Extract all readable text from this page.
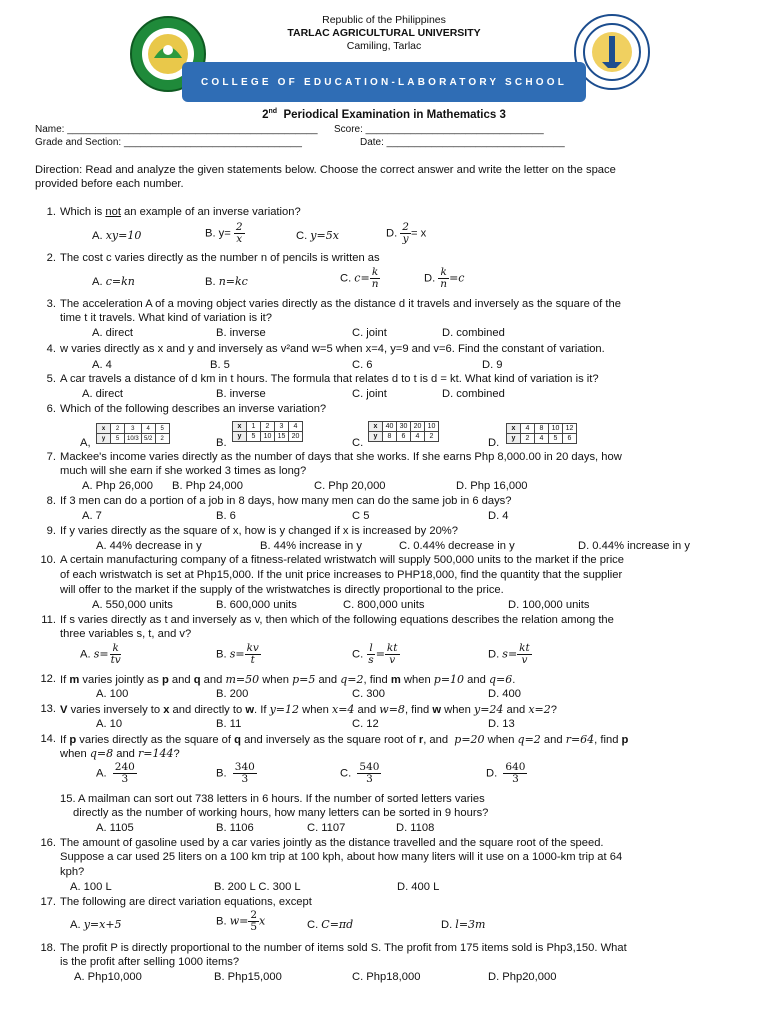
Republic of the Philippines
TARLAC AGRICULTURAL UNIVERSITY
Camiling, Tarlac
COLLEGE OF EDUCATION-LABORATORY SCHOOL
2nd Periodical Examination in Mathematics 3
Name: _____________________________________________ Score: ________________________________
Grade and Section: ________________________________	Date: ________________________________
Direction: Read and analyze the given statements below. Choose the correct answer and write the letter on the space
provided before each number.
1. Which is not an example of an inverse variation?
A. xy=10	B. $y= \frac{2}{x}$	C. y=5x	D. $\frac{2}{y} = x$
2. The cost c varies directly as the number n of pencils is written as
A. c=kn	B. n=kc	C. $c= \frac{k}{n}$	D. $\frac{k}{n} =c$
3. The acceleration A of a moving object varies directly as the distance d it travels and inversely as the square of the
time t it travels. What kind of variation is it?
A. direct	B. inverse	C. joint	D. combined
4. w varies directly as x and y and inversely as v²and w=5 when x=4, y=9 and v=6. Find the constant of variation.
A. 4	B. 5	C. 6	D. 9
5. A car travels a distance of d km in t hours. The formula that relates d to t is d = kt. What kind of variation is it?
A. direct	B. inverse	C. joint	D. combined
6. Which of the following describes an inverse variation?
A,
x	2	3	4	5
y	5	10/3	5/2	2	B.
x	1	2	3	4
y	5	10	15	20
C.
x	40	30	20	10
y	8	6	4	2
D.
x	4	8	10	12
y	2	4	5	6
7. Mackee's income varies directly as the number of days that she works. If she earns Php 8,000.00 in 20 days, how
much will she earn if she worked 3 times as long?
A. Php 26,000 B. Php 24,000	C. Php 20,000	D. Php 16,000
8. If 3 men can do a portion of a job in 8 days, how many men can do the same job in 6 days?
A. 7	B. 6	C 5	D. 4
9. If y varies directly as the square of x, how is y changed if x is increased by 20%?
A. 44% decrease in y	B. 44% increase in y	C. 0.44% decrease in y	D. 0.44% increase in y
10. A certain manufacturing company of a fitness-related wristwatch will supply 500,000 units to the market if the price
of each wristwatch is set at Php15,000. If the unit price increases to PHP18,000, find the quantity that the supplier
will offer to the market if the supply of the wristwatches is directly proportional to the price.
A. 550,000 units	B. 600,000 units	C. 800,000 units	D. 100,000 units
11. If s varies directly as t and inversely as v, then which of the following equations describes the relation among the
three variables s, t, and v?
A. $s= \frac{k}{tv}$	B. $s= \frac{kv}{t}$	C. $\frac{l}{s} = \frac{kt}{v}$	D. $s= \frac{kt}{v}$
12. If m varies jointly as p and q and m=50 when p=5 and q=2, find m when p=10 and q=6.
A. 100	B. 200	C. 300	D. 400
13. V varies inversely to x and directly to w. If y=12 when x=4 and w=8, find w when y=24 and x=2?
A. 10	B. 11	C. 12	D. 13
14. If p varies directly as the square of q and inversely as the square root of r, and  p=20 when q=2 and r=64, find p
when q=8 and r=144?
A. $\frac{240}{3}$	B. $\frac{340}{3}$	C. $\frac{540}{3}$	D. $\frac{640}{3}$
15. A mailman can sort out 738 letters in 6 hours. If the number of sorted letters varies
directly as the number of working hours, how many letters can be sorted in 9 hours?
A. 1105	B. 1106	C. 1107	D. 1108
16. The amount of gasoline used by a car varies jointly as the distance travelled and the square root of the speed.
Suppose a car used 25 liters on a 100 km trip at 100 kph, about how many liters will it use on a 1000-km trip at 64
kph?
A. 100 L	B. 200 L C. 300 L	D. 400 L
17. The following are direct variation equations, except
A. y=x+5	B. $w= \frac{2}{5}$ x	C. C=πd	D. l=3m
18. The profit P is directly proportional to the number of items sold S. The profit from 175 items sold is Php3,150. What
is the profit after selling 1000 items?
A. Php10,000	B. Php15,000	C. Php18,000	D. Php20,000
